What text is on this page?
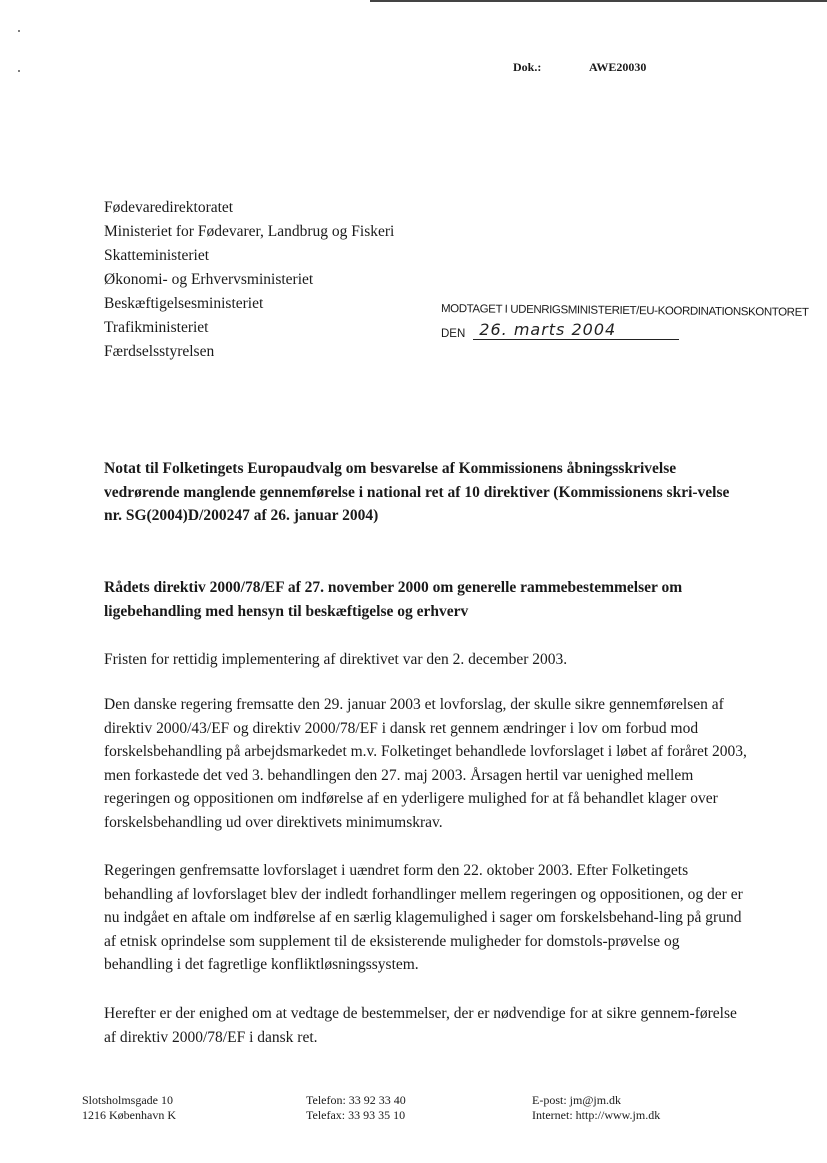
Dok.:	AWE20030
Fødevaredirektoratet
Ministeriet for Fødevarer, Landbrug og Fiskeri
Skatteministeriet
Økonomi- og Erhvervsministeriet
Beskæftigelsesministeriet
Trafikministeriet
Færdselsstyrelsen
MODTAGET I UDENRIGSMINISTERIET/EU-KOORDINATIONSKONTORET
DEN 26. marts 2004
Notat til Folketingets Europaudvalg om besvarelse af Kommissionens åbningsskrivelse vedrørende manglende gennemførelse i national ret af 10 direktiver (Kommissionens skri-velse nr. SG(2004)D/200247 af 26. januar 2004)
Rådets direktiv 2000/78/EF af 27. november 2000 om generelle rammebestemmelser om ligebehandling med hensyn til beskæftigelse og erhverv
Fristen for rettidig implementering af direktivet var den 2. december 2003.
Den danske regering fremsatte den 29. januar 2003 et lovforslag, der skulle sikre gennemførelsen af direktiv 2000/43/EF og direktiv 2000/78/EF i dansk ret gennem ændringer i lov om forbud mod forskelsbehandling på arbejdsmarkedet m.v. Folketinget behandlede lovforslaget i løbet af foråret 2003, men forkastede det ved 3. behandlingen den 27. maj 2003. Årsagen hertil var uenighed mellem regeringen og oppositionen om indførelse af en yderligere mulighed for at få behandlet klager over forskelsbehandling ud over direktivets minimumskrav.
Regeringen genfremsatte lovforslaget i uændret form den 22. oktober 2003. Efter Folketingets behandling af lovforslaget blev der indledt forhandlinger mellem regeringen og oppositionen, og der er nu indgået en aftale om indførelse af en særlig klagemulighed i sager om forskelsbehand-ling på grund af etnisk oprindelse som supplement til de eksisterende muligheder for domstols-prøvelse og behandling i det fagretlige konfliktløsningssystem.
Herefter er der enighed om at vedtage de bestemmelser, der er nødvendige for at sikre gennem-førelse af direktiv 2000/78/EF i dansk ret.
Slotsholmsgade 10
1216 København K
Telefon: 33 92 33 40
Telefax: 33 93 35 10
E-post: jm@jm.dk
Internet: http://www.jm.dk
